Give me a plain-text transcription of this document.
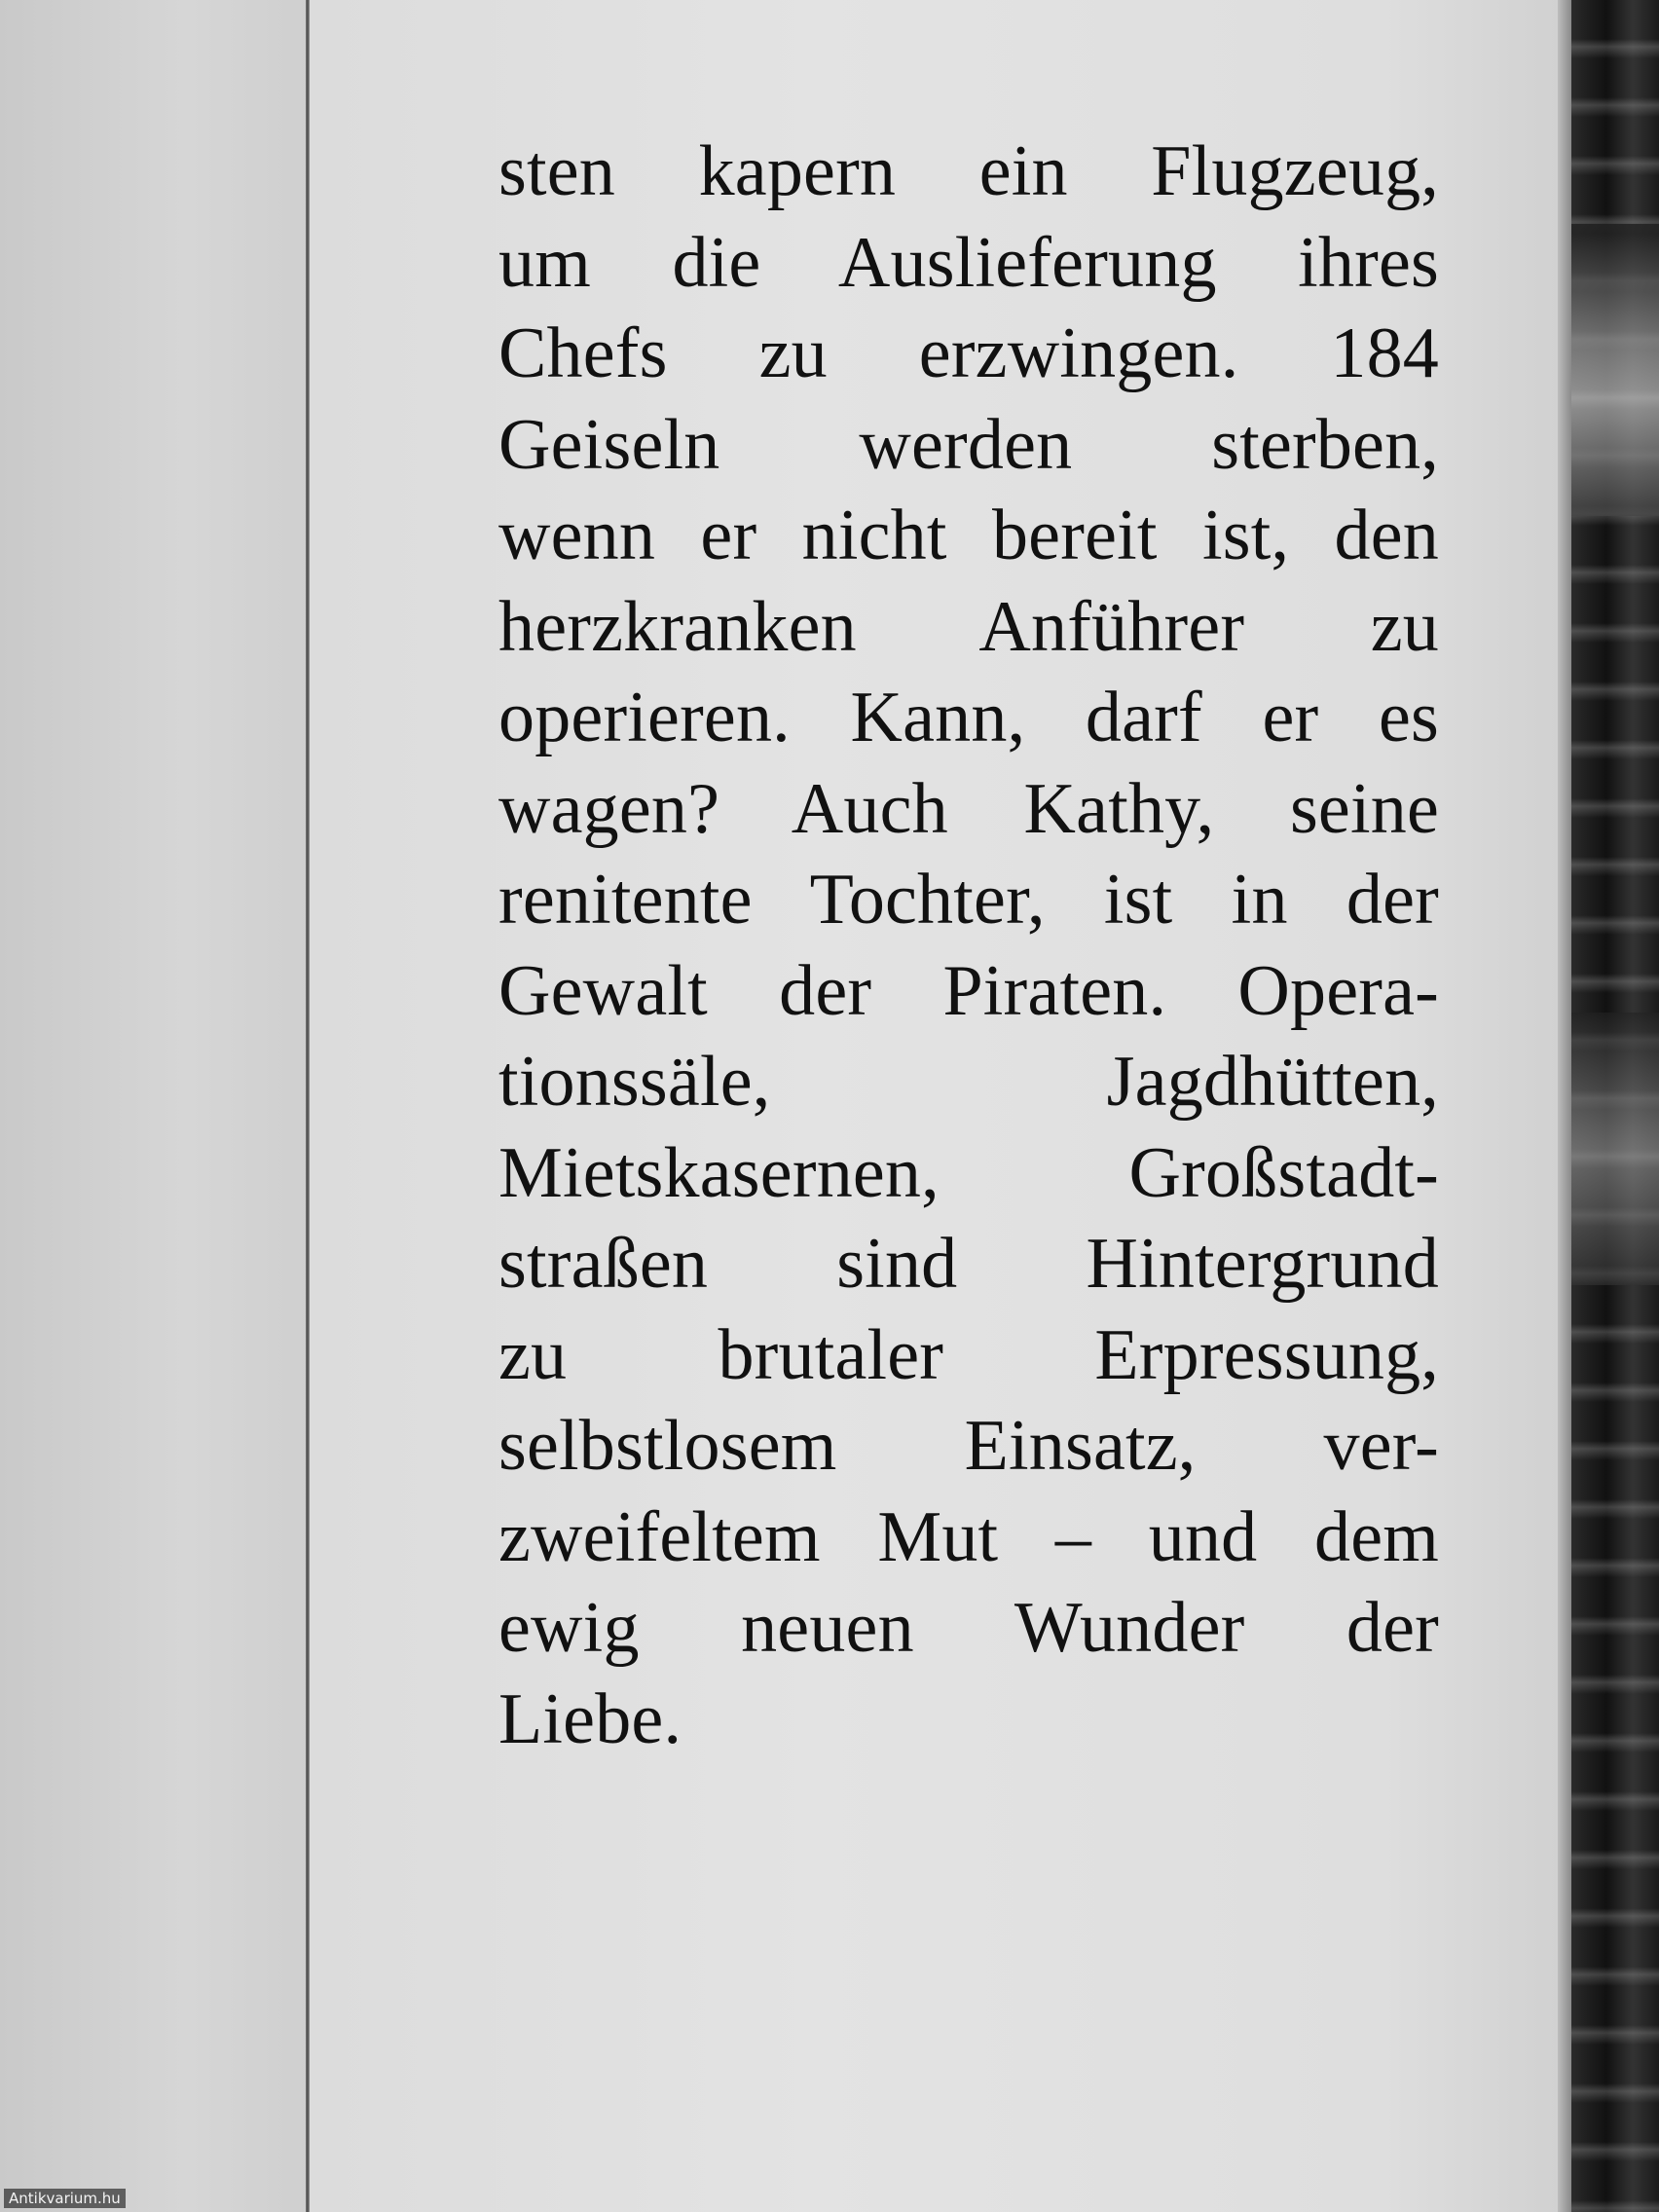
sten kapern ein Flugzeug,
um die Auslieferung ihres
Chefs zu erzwingen. 184
Geiseln werden sterben,
wenn er nicht bereit ist, den
herzkranken Anführer zu
operieren. Kann, darf er es
wagen? Auch Kathy, seine
renitente Tochter, ist in der
Gewalt der Piraten. Opera-
tionssäle, Jagdhütten,
Mietskasernen, Großstadt-
straßen sind Hintergrund
zu brutaler Erpressung,
selbstlosem Einsatz, ver-
zweifeltem Mut – und dem
ewig neuen Wunder der
Liebe.
Antikvarium.hu
